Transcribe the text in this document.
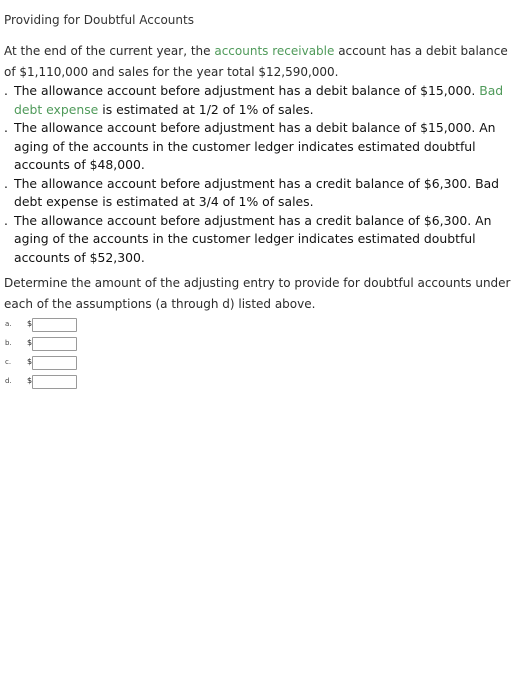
Providing for Doubtful Accounts
At the end of the current year, the accounts receivable account has a debit balance of $1,110,000 and sales for the year total $12,590,000.
. The allowance account before adjustment has a debit balance of $15,000. Bad debt expense is estimated at 1/2 of 1% of sales.
. The allowance account before adjustment has a debit balance of $15,000. An aging of the accounts in the customer ledger indicates estimated doubtful accounts of $48,000.
. The allowance account before adjustment has a credit balance of $6,300. Bad debt expense is estimated at 3/4 of 1% of sales.
. The allowance account before adjustment has a credit balance of $6,300. An aging of the accounts in the customer ledger indicates estimated doubtful accounts of $52,300.
Determine the amount of the adjusting entry to provide for doubtful accounts under each of the assumptions (a through d) listed above.
a. $
b. $
c. $
d. $
